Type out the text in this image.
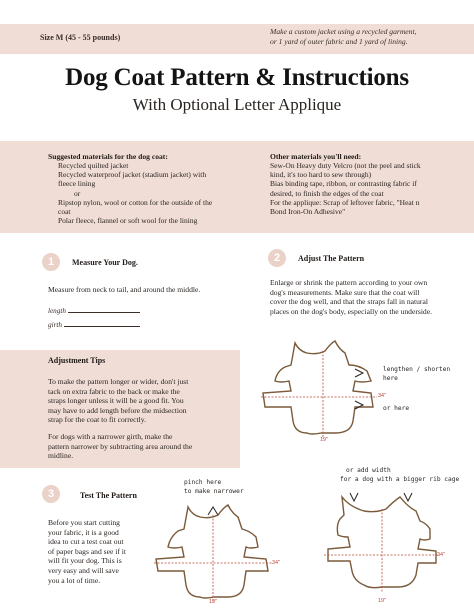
Size M (45 - 55 pounds)
Make a custom jacket using a recycled garment,
or 1 yard of outer fabric and 1 yard of lining.
Dog Coat Pattern & Instructions
With Optional Letter Applique
Suggested materials for the dog coat:
Recycled quilted jacket
Recycled waterproof jacket (stadium jacket) with
fleece lining
or
Ripstop nylon, wool or cotton for the outside of the
coat
Polar fleece, flannel or soft wool for the lining
Other materials you'll need:
Sew-On Heavy duty Velcro (not the peel and stick
kind, it's too hard to sew through)
Bias binding tape, ribbon, or contrasting fabric if
desired, to finish the edges of the coat
For the applique: Scrap of leftover fabric, "Heat n
Bond Iron-On Adhesive"
1	Measure Your Dog.
Measure from neck to tail, and around the middle.
length
girth
2	Adjust The Pattern
Enlarge or shrink the pattern according to your own
dog's measurements. Make sure that the coat will
cover the dog well, and that the straps fall in natural
places on the dog's body, especially on the underside.
34"
19"
lengthen / shorten
here
or here
Adjustment Tips
To make the pattern longer or wider, don't just
tack on extra fabric to the back or make the
straps longer unless it will be a good fit. You
may have to add length before the midsection
strap for the coat to fit correctly.
For dogs with a narrower girth, make the
pattern narrower by subtracting area around the
midline.
3	Test The Pattern
Before you start cutting
your fabric, it is a good
idea to cut a test coat out
of paper bags and see if it
will fit your dog. This is
very easy and will save
you a lot of time.
pinch here
to make narrower
34"
19"
or add width
for a dog with a bigger rib cage
34"
19"
